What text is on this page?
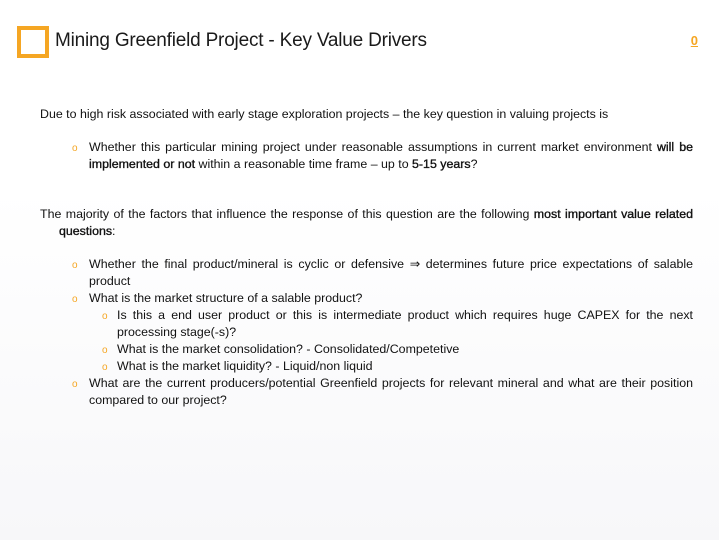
Mining Greenfield Project - Key Value Drivers	0

Due to high risk associated with early stage exploration projects – the key question in valuing projects is

o Whether this particular mining project under reasonable assumptions in current market environment will be implemented or not within a reasonable time frame – up to 5-15 years?

The majority of the factors that influence the response of this question are the following most important value related questions:

o Whether the final product/mineral is cyclic or defensive ⇒ determines future price expectations of salable product
o What is the market structure of a salable product?
o Is this a end user product or this is intermediate product which requires huge CAPEX for the next processing stage(-s)?
o What is the market consolidation? - Consolidated/Competetive
o What is the market liquidity? - Liquid/non liquid
o What are the current producers/potential Greenfield projects for relevant mineral and what are their position compared to our project?
